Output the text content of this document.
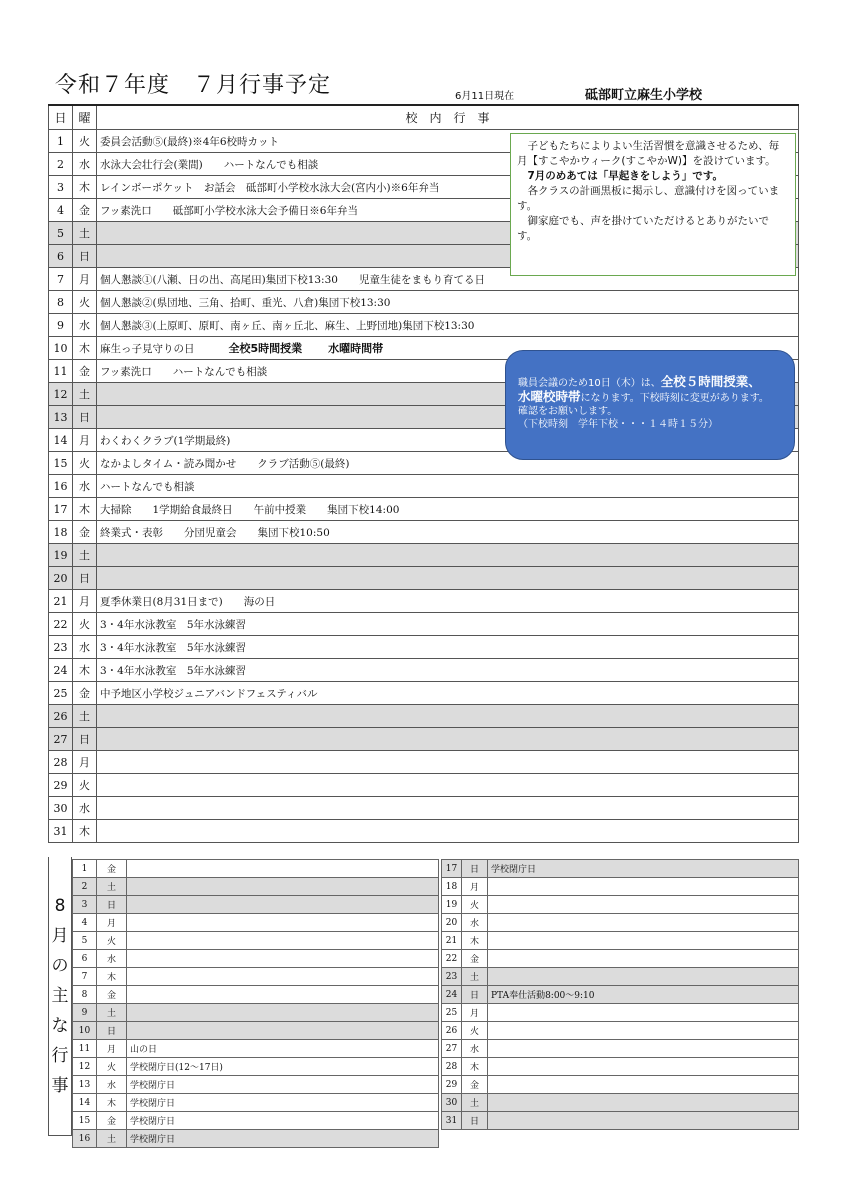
令和７年度　７月行事予定	6月11日現在	砥部町立麻生小学校
日	曜	校　内　行　事
1	火	委員会活動⑤(最終)※4年6校時カット
2	水	水泳大会壮行会(業間)　　ハートなんでも相談
3	木	レインボーポケット　お話会　砥部町小学校水泳大会(宮内小)※6年弁当
4	金	フッ素洗口　　砥部町小学校水泳大会予備日※6年弁当
5	土	
6	日	
7	月	個人懇談①(八瀬、日の出、高尾田)集団下校13:30　　児童生徒をまもり育てる日
8	火	個人懇談②(県団地、三角、拾町、重光、八倉)集団下校13:30
9	水	個人懇談③(上原町、原町、南ヶ丘、南ヶ丘北、麻生、上野団地)集団下校13:30
10	木	麻生っ子見守りの日 全校5時間授業 水曜時間帯
11	金	フッ素洗口　　ハートなんでも相談
12	土	
13	日	
14	月	わくわくクラブ(1学期最終)
15	火	なかよしタイム・読み聞かせ　　クラブ活動⑤(最終)
16	水	ハートなんでも相談
17	木	大掃除　　1学期給食最終日　　午前中授業　　集団下校14:00
18	金	終業式・表彰　　分団児童会　　集団下校10:50
19	土	
20	日	
21	月	夏季休業日(8月31日まで)　　海の日
22	火	3・4年水泳教室　5年水泳練習
23	水	3・4年水泳教室　5年水泳練習
24	木	3・4年水泳教室　5年水泳練習
25	金	中予地区小学校ジュニアバンドフェスティバル
26	土	
27	日	
28	月	
29	火	
30	水	
31	木	

　子どもたちによりよい生活習慣を意識させるため、毎月【すこやかウィーク(すこやかW)】を設けています。

　7月のめあては「早起きをしよう」です。

　各クラスの計画黒板に掲示し、意識付けを図っています。

　御家庭でも、声を掛けていただけるとありがたいです。

職員会議のため10日（木）は、全校５時間授業、

水曜校時帯になります。下校時刻に変更があります。

確認をお願いします。

（下校時刻　学年下校・・・１４時１５分）

8
月
の
主
な
行
事
1	金	
2	土	
3	日	
4	月	
5	火	
6	水	
7	木	
8	金	
9	土	
10	日	
11	月	山の日
12	火	学校閉庁日(12～17日)
13	水	学校閉庁日
14	木	学校閉庁日
15	金	学校閉庁日
16	土	学校閉庁日
17	日	学校閉庁日
18	月	
19	火	
20	水	
21	木	
22	金	
23	土	
24	日	PTA奉仕活動8:00～9:10
25	月	
26	火	
27	水	
28	木	
29	金	
30	土	
31	日	
